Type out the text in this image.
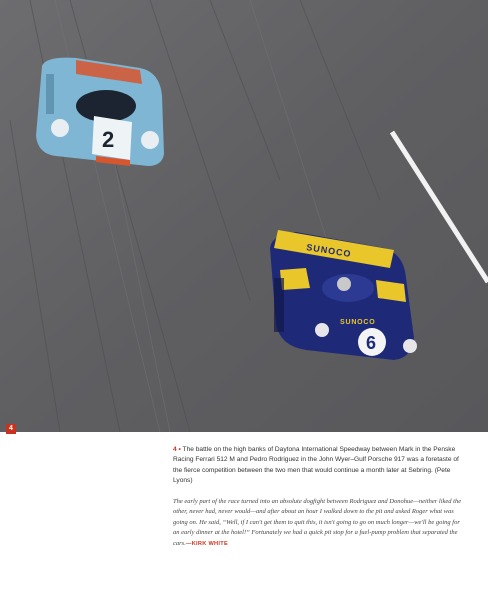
2
SUNOCO
SUNOCO
6
4

4 • The battle on the high banks of Daytona International Speedway between Mark in the Penske Racing Ferrari 512 M and Pedro Rodriguez in the John Wyer–Gulf Porsche 917 was a foretaste of the fierce competition between the two men that would continue a month later at Sebring. (Pete Lyons)

The early part of the race turned into an absolute dogfight between Rodriguez and Donohue—neither liked the other, never had, never would—and after about an hour I walked down to the pit and asked Roger what was going on. He said, “Well, if I can't get them to quit this, it isn't going to go on much longer—we'll be going for an early dinner at the hotel!” Fortunately we had a quick pit stop for a fuel-pump problem that separated the cars.—KIRK WHITE
